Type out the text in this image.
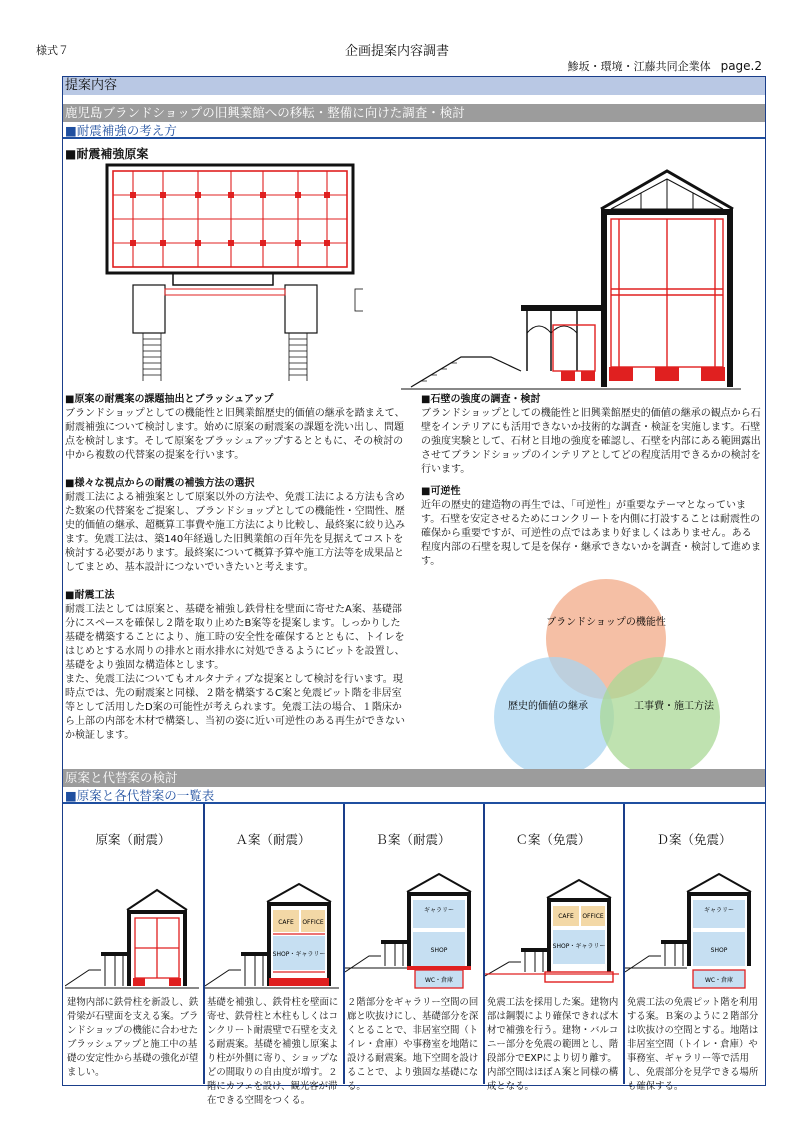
様式７	企画提案内容調書
鯵坂・環境・江藤共同企業体 page.2
提案内容
鹿児島ブランドショップの旧興業館への移転・整備に向けた調査・検討
■耐震補強の考え方
■耐震補強原案
■原案の耐震案の課題抽出とブラッシュアップ
ブランドショップとしての機能性と旧興業館歴史的価値の継承を踏まえて、耐震補強について検討します。始めに原案の耐震案の課題を洗い出し、問題点を検討します。そして原案をブラッシュアップするとともに、その検討の中から複数の代替案の提案を行います。
■様々な視点からの耐震の補強方法の選択
耐震工法による補強案として原案以外の方法や、免震工法による方法も含めた数案の代替案をご提案し、ブランドショップとしての機能性・空間性、歴史的価値の継承、超概算工事費や施工方法により比較し、最終案に絞り込みます。免震工法は、築140年経過した旧興業館の百年先を見据えてコストを検討する必要があります。最終案について概算予算や施工方法等を成果品としてまとめ、基本設計につないでいきたいと考えます。
■耐震工法
耐震工法としては原案と、基礎を補強し鉄骨柱を壁面に寄せたA案、基礎部分にスペースを確保し２階を取り止めたB案等を提案します。しっかりした基礎を構築することにより、施工時の安全性を確保するとともに、トイレをはじめとする水周りの排水と雨水排水に対処できるようにピットを設置し、基礎をより強固な構造体とします。
また、免震工法についてもオルタナティブな提案として検討を行います。現時点では、先の耐震案と同様、２階を構築するC案と免震ピット階を非居室等として活用したD案の可能性が考えられます。免震工法の場合、１階床から上部の内部を木材で構築し、当初の姿に近い可逆性のある再生ができないか検証します。
■石壁の強度の調査・検討
ブランドショップとしての機能性と旧興業館歴史的価値の継承の観点から石壁をインテリアにも活用できないか技術的な調査・検証を実施します。石壁の強度実験として、石材と目地の強度を確認し、石壁を内部にある範囲露出させてブランドショップのインテリアとしてどの程度活用できるかの検討を行います。
■可逆性
近年の歴史的建造物の再生では、「可逆性」が重要なテーマとなっています。石壁を安定させるためにコンクリートを内側に打設することは耐震性の確保から重要ですが、可逆性の点ではあまり好ましくはありません。ある程度内部の石壁を現して是を保存・継承できないかを調査・検討して進めます。
ブランドショップの機能性
歴史的価値の継承	工事費・施工方法
原案と代替案の検討
■原案と各代替案の一覧表
原案（耐震）
建物内部に鉄骨柱を新設し、鉄骨梁が石壁面を支える案。ブランドショップの機能に合わせたブラッシュアップと施工中の基礎の安定性から基礎の強化が望ましい。
Ａ案（耐震）
CAFE OFFICE
SHOP・ギャラリー
基礎を補強し、鉄骨柱を壁面に寄せ、鉄骨柱と木柱もしくはコンクリート耐震壁で石壁を支える耐震案。基礎を補強し原案より柱が外側に寄り、ショップなどの間取りの自由度が増す。２階にカフェを設け、観光客が滞在できる空間をつくる。
Ｂ案（耐震）
ギャラリー
SHOP
WC・倉庫
２階部分をギャラリー空間の回廊と吹抜けにし、基礎部分を深くとることで、非居室空間（トイレ・倉庫）や事務室を地階に設ける耐震案。地下空間を設けることで、より強固な基礎になる。
Ｃ案（免震）
CAFE OFFICE
SHOP・ギャラリー
免震工法を採用した案。建物内部は鋼製により確保できれば木材で補強を行う。建物・バルコニー部分を免震の範囲とし、階段部分でEXPにより切り離す。内部空間はほぼＡ案と同様の構成となる。
Ｄ案（免震）
ギャラリー
SHOP
WC・倉庫
免震工法の免震ピット階を利用する案。Ｂ案のように２階部分は吹抜けの空間とする。地階は非居室空間（トイレ・倉庫）や事務室、ギャラリー等で活用し、免震部分を見学できる場所も確保する。
